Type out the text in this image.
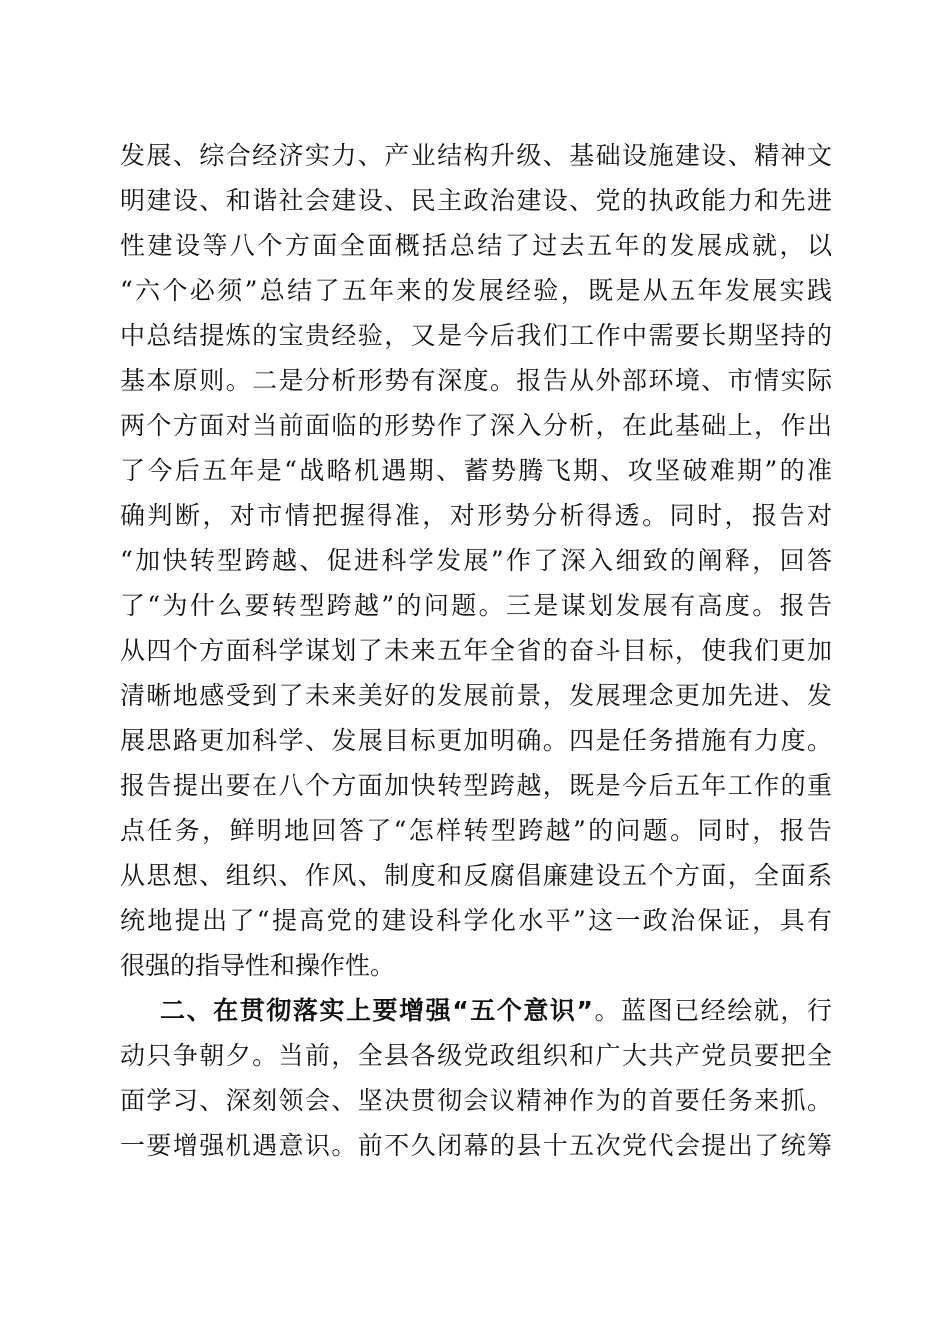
发展、综合经济实力、产业结构升级、基础设施建设、精神文
明建设、和谐社会建设、民主政治建设、党的执政能力和先进
性建设等八个方面全面概括总结了过去五年的发展成就，以
“六个必须”总结了五年来的发展经验，既是从五年发展实践
中总结提炼的宝贵经验，又是今后我们工作中需要长期坚持的
基本原则。二是分析形势有深度。报告从外部环境、市情实际
两个方面对当前面临的形势作了深入分析，在此基础上，作出
了今后五年是“战略机遇期、蓄势腾飞期、攻坚破难期”的准
确判断，对市情把握得准，对形势分析得透。同时，报告对
“加快转型跨越、促进科学发展”作了深入细致的阐释，回答
了“为什么要转型跨越”的问题。三是谋划发展有高度。报告
从四个方面科学谋划了未来五年全省的奋斗目标，使我们更加
清晰地感受到了未来美好的发展前景，发展理念更加先进、发
展思路更加科学、发展目标更加明确。四是任务措施有力度。
报告提出要在八个方面加快转型跨越，既是今后五年工作的重
点任务，鲜明地回答了“怎样转型跨越”的问题。同时，报告
从思想、组织、作风、制度和反腐倡廉建设五个方面，全面系
统地提出了“提高党的建设科学化水平”这一政治保证，具有
很强的指导性和操作性。
二、在贯彻落实上要增强“五个意识”。蓝图已经绘就，行
动只争朝夕。当前，全县各级党政组织和广大共产党员要把全
面学习、深刻领会、坚决贯彻会议精神作为的首要任务来抓。
一要增强机遇意识。前不久闭幕的县十五次党代会提出了统筹
